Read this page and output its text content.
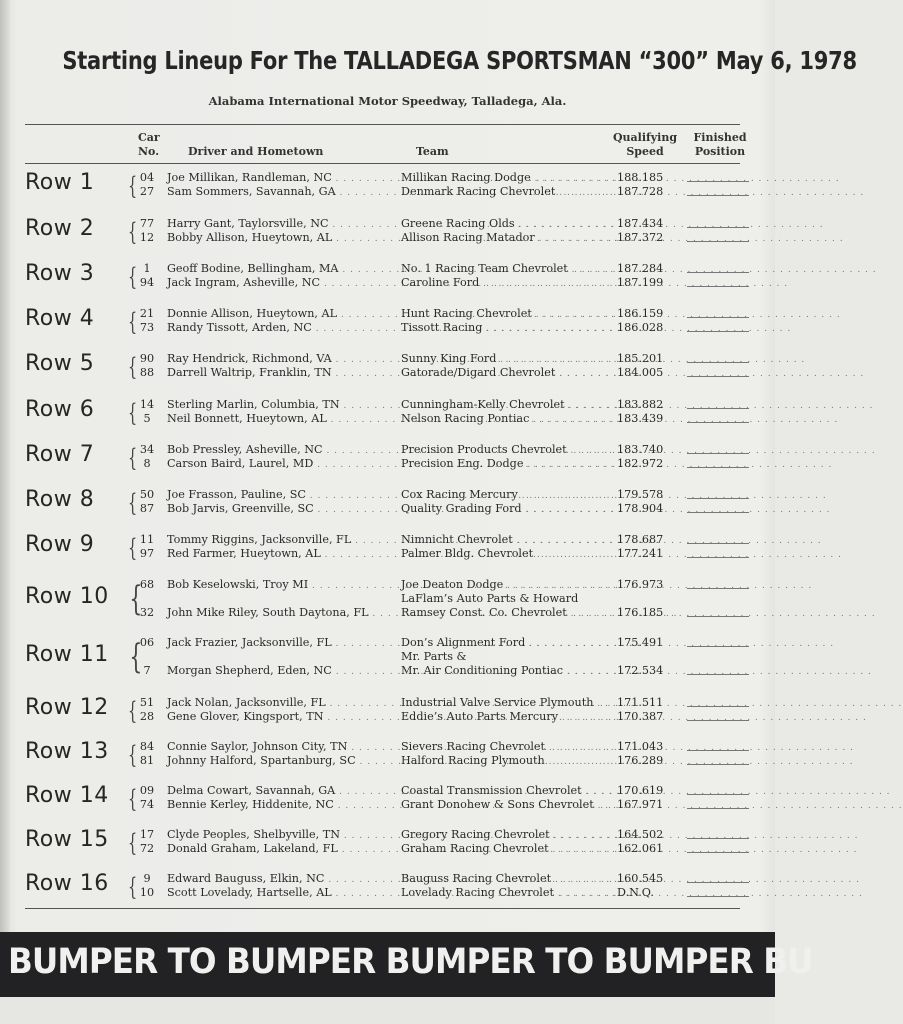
Starting Lineup For The TALLADEGA SPORTSMAN “300” May 6, 1978
Alabama International Motor Speedway, Talladega, Ala.
Car
No.	Driver and Hometown	Team
Qualifying
Speed
Finished
Position
Row 1 { 04	Joe Millikan, Randleman, NC . . .	Millikan Racing Dodge . . .	188.185
27	Sam Sommers, Savannah, GA . . .	Denmark Racing Chevrolet . . .	187.728
Row 2 { 77	Harry Gant, Taylorsville, NC . . .	Greene Racing Olds . . .	187.434
12	Bobby Allison, Hueytown, AL . . .	Allison Racing Matador . . .	187.372
Row 3 { 1	Geoff Bodine, Bellingham, MA . . .	No. 1 Racing Team Chevrolet . . .	187.284
94	Jack Ingram, Asheville, NC . . .	Caroline Ford . . .	187.199
Row 4 { 21	Donnie Allison, Hueytown, AL . . .	Hunt Racing Chevrolet . . .	186.159
73	Randy Tissott, Arden, NC . . .	Tissott Racing . . .	186.028
Row 5 { 90	Ray Hendrick, Richmond, VA . . .	Sunny King Ford . . .	185.201
88	Darrell Waltrip, Franklin, TN . . .	Gatorade/Digard Chevrolet . . .	184.005
Row 6 { 14	Sterling Marlin, Columbia, TN . . .	Cunningham-Kelly Chevrolet . . .	183.882
5	Neil Bonnett, Hueytown, AL . . .	Nelson Racing Pontiac . . .	183.439
Row 7 { 34	Bob Pressley, Asheville, NC . . .	Precision Products Chevrolet . . .	183.740
8	Carson Baird, Laurel, MD . . .	Precision Eng. Dodge . . .	182.972
Row 8 { 50	Joe Frasson, Pauline, SC . . .	Cox Racing Mercury . . .	179.578
87	Bob Jarvis, Greenville, SC . . .	Quality Grading Ford . . .	178.904
Row 9 { 11	Tommy Riggins, Jacksonville, FL . . .	Nimnicht Chevrolet . . .	178.687
97	Red Farmer, Hueytown, AL . . .	Palmer Bldg. Chevrolet . . .	177.241
Row 10 {
68	Bob Keselowski, Troy MI . . .	Joe Deaton Dodge . . .	176.973
LaFlam’s Auto Parts & Howard
32	John Mike Riley, South Daytona, FL . . .	Ramsey Const. Co. Chevrolet . . .	176.185
Row 11 {
06	Jack Frazier, Jacksonville, FL . . .	Don’s Alignment Ford . . .	175.491
Mr. Parts &
7	Morgan Shepherd, Eden, NC . . .	Mr. Air Conditioning Pontiac . . .	172.534
Row 12 { 51	Jack Nolan, Jacksonville, FL . . .	Industrial Valve Service Plymouth . . .	171.511
28	Gene Glover, Kingsport, TN . . .	Eddie’s Auto Parts Mercury . . .	170.387
Row 13 { 84	Connie Saylor, Johnson City, TN . . .	Sievers Racing Chevrolet . . .	171.043
81	Johnny Halford, Spartanburg, SC . . .	Halford Racing Plymouth . . .	176.289
Row 14 { 09	Delma Cowart, Savannah, GA . . .	Coastal Transmission Chevrolet . . .	170.619
74	Bennie Kerley, Hiddenite, NC . . .	Grant Donohew & Sons Chevrolet . . .	167.971
Row 15 { 17	Clyde Peoples, Shelbyville, TN . . .	Gregory Racing Chevrolet . . .	164.502
72	Donald Graham, Lakeland, FL . . .	Graham Racing Chevrolet . . .	162.061
Row 16 { 9	Edward Bauguss, Elkin, NC . . .	Bauguss Racing Chevrolet . . .	160.545
10	Scott Lovelady, Hartselle, AL . . .	Lovelady Racing Chevrolet . . .	D.N.Q.
BUMPER TO BUMPER BUMPER TO BUMPER BU
